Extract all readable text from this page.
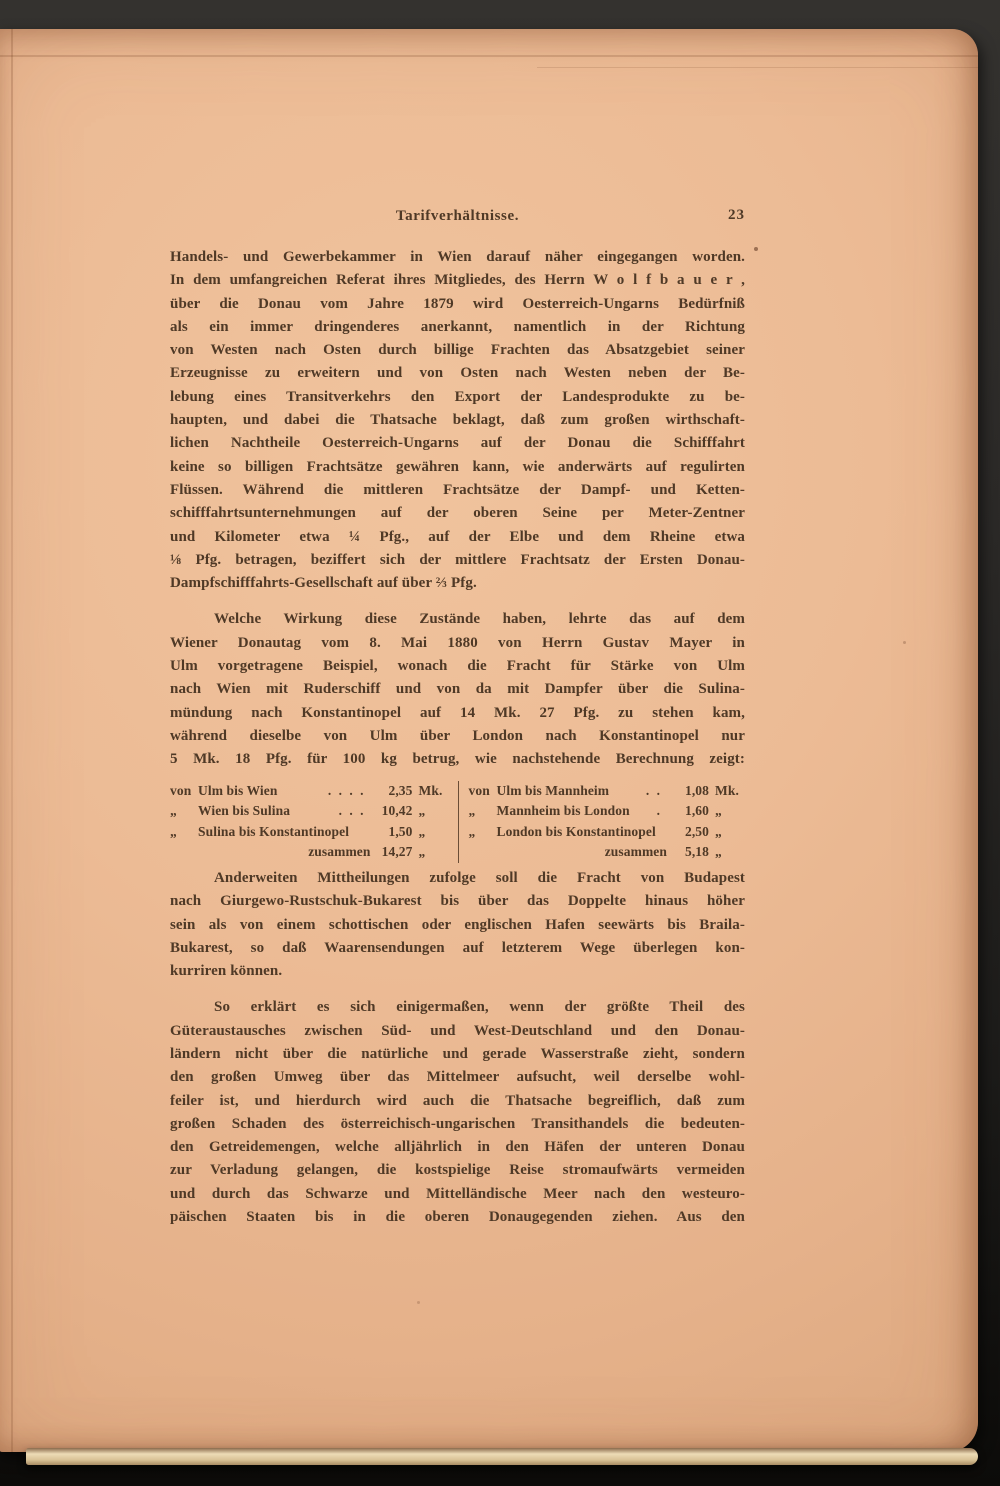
Tarifverhältnisse.	23
Handels- und Gewerbekammer in Wien darauf näher eingegangen worden.
In dem umfangreichen Referat ihres Mitgliedes, des Herrn W o l f b a u e r ,
über die Donau vom Jahre 1879 wird Oesterreich-Ungarns Bedürfniß
als ein immer dringenderes anerkannt, namentlich in der Richtung
von Westen nach Osten durch billige Frachten das Absatzgebiet seiner
Erzeugnisse zu erweitern und von Osten nach Westen neben der Be-
lebung eines Transitverkehrs den Export der Landesprodukte zu be-
haupten, und dabei die Thatsache beklagt, daß zum großen wirthschaft-
lichen Nachtheile Oesterreich-Ungarns auf der Donau die Schifffahrt
keine so billigen Frachtsätze gewähren kann, wie anderwärts auf regulirten
Flüssen. Während die mittleren Frachtsätze der Dampf- und Ketten-
schifffahrtsunternehmungen auf der oberen Seine per Meter-Zentner
und Kilometer etwa ¼ Pfg., auf der Elbe und dem Rheine etwa
⅛ Pfg. betragen, beziffert sich der mittlere Frachtsatz der Ersten Donau-
Dampfschifffahrts-Gesellschaft auf über ⅔ Pfg.
Welche Wirkung diese Zustände haben, lehrte das auf dem
Wiener Donautag vom 8. Mai 1880 von Herrn Gustav Mayer in
Ulm vorgetragene Beispiel, wonach die Fracht für Stärke von Ulm
nach Wien mit Ruderschiff und von da mit Dampfer über die Sulina-
mündung nach Konstantinopel auf 14 Mk. 27 Pfg. zu stehen kam,
während dieselbe von Ulm über London nach Konstantinopel nur
5 Mk. 18 Pfg. für 100 kg betrug, wie nachstehende Berechnung zeigt:
von Ulm bis Wien	. . . .	2,35 Mk.
„	Wien bis Sulina	. . .	10,42 „
„	Sulina bis Konstantinopel	1,50 „
zusammen 14,27 „
von Ulm bis Mannheim	. .	1,08 Mk.
„	Mannheim bis London	.	1,60 „
„	London bis Konstantinopel	2,50 „
zusammen	5,18 „
Anderweiten Mittheilungen zufolge soll die Fracht von Budapest
nach Giurgewo-Rustschuk-Bukarest bis über das Doppelte hinaus höher
sein als von einem schottischen oder englischen Hafen seewärts bis Braila-
Bukarest, so daß Waarensendungen auf letzterem Wege überlegen kon-
kurriren können.
So erklärt es sich einigermaßen, wenn der größte Theil des
Güteraustausches zwischen Süd- und West-Deutschland und den Donau-
ländern nicht über die natürliche und gerade Wasserstraße zieht, sondern
den großen Umweg über das Mittelmeer aufsucht, weil derselbe wohl-
feiler ist, und hierdurch wird auch die Thatsache begreiflich, daß zum
großen Schaden des österreichisch-ungarischen Transithandels die bedeuten-
den Getreidemengen, welche alljährlich in den Häfen der unteren Donau
zur Verladung gelangen, die kostspielige Reise stromaufwärts vermeiden
und durch das Schwarze und Mittelländische Meer nach den westeuro-
päischen Staaten bis in die oberen Donaugegenden ziehen. Aus den
